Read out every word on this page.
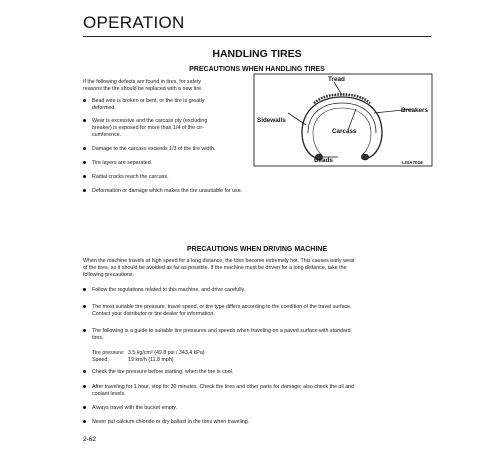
OPERATION
HANDLING TIRES
PRECAUTIONS WHEN HANDLING TIRES

If the following defects are found in tires, for safety
reasons the tire should be replaced with a new tire.

Bead wire is broken or bent, or the tire is greatly
deformed.

Wear is excessive and the carcass ply (excluding
breaker) is exposed for more than 1/4 of the cir-
cumference.

Damage to the carcass exceeds 1/3 of the tire width.

Tire layers are separated.

Radial cracks reach the carcass.

Deformation or damage which makes the tire unsuitable for use.

Tread
Breakers
Sidewalls
Carcass
Beads	LISA7016
PRECAUTIONS WHEN DRIVING MACHINE

When the machine travels at high speed for a long distance, the tires become extremely hot. This causes early wear
of the tires, so it should be avoided as far as possible. If the machine must be driven for a long distance, take the
following precautions.

Follow the regulations related to this machine, and drive carefully.

The most suitable tire pressure, travel speed, or tire type differs according to the condition of the travel surface.
Contact your distributor or tire dealer for information.

The following is a guide to suitable tire pressures and speeds when traveling on a paved surface with standard
tires.

Tire pressure: 3.5 kg/cm² (49.8 psi / 343.4 kPa)
Speed:	19 km/h (11.8 mph)

Check the tire pressure before starting, when the tire is cool.

After traveling for 1 hour, stop for 30 minutes. Check the tires and other parts for damage; also check the oil and
coolant levels.

Always travel with the bucket empty.

Never put calcium chloride or dry ballast in the tires when traveling.

2-62
